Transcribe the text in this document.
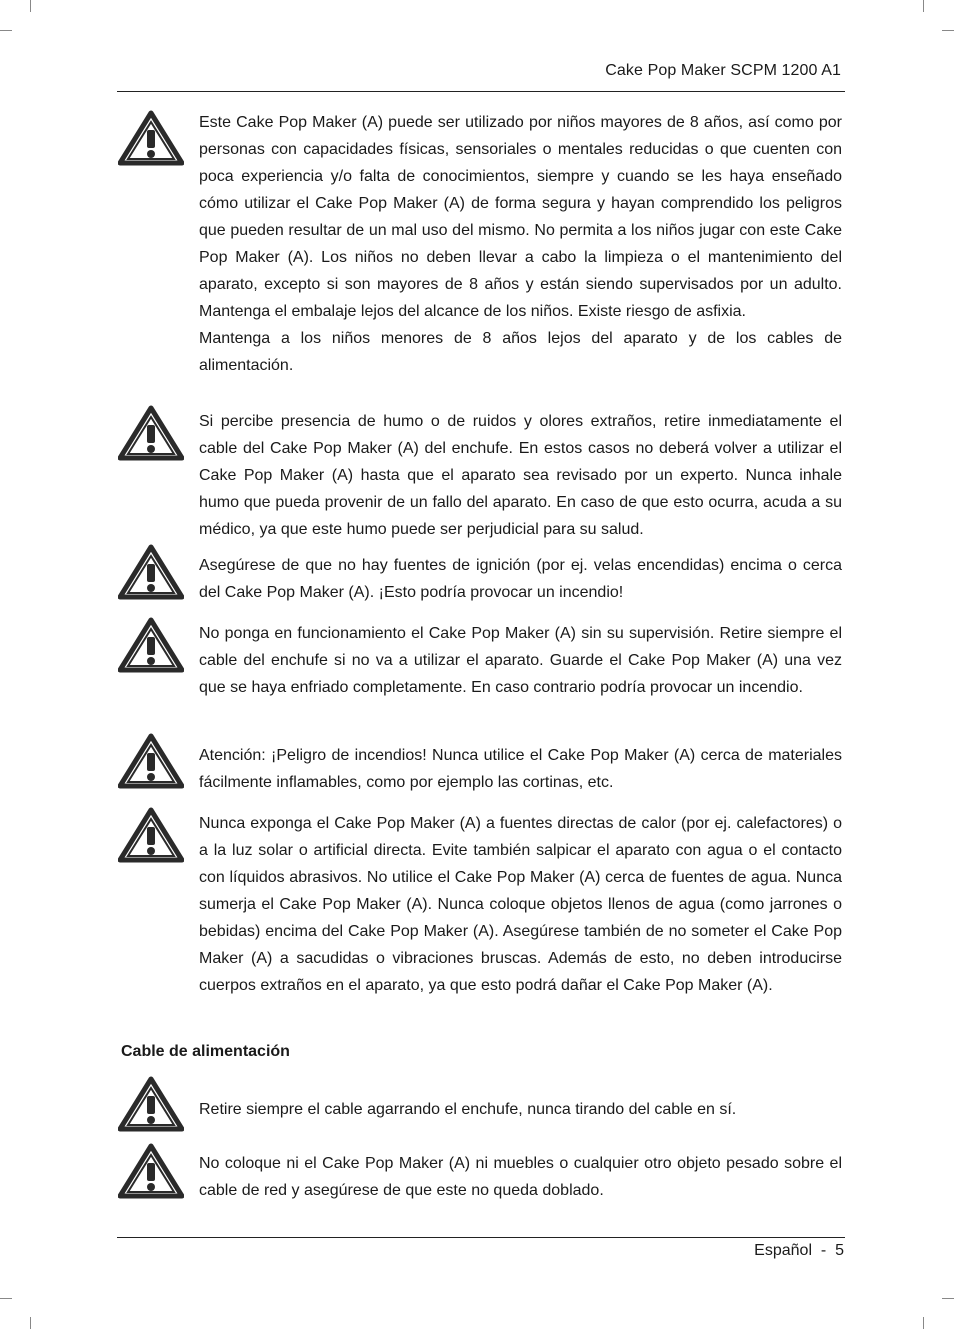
Cake Pop Maker SCPM 1200 A1

Este Cake Pop Maker (A) puede ser utilizado por niños mayores de 8 años, así como por personas con capacidades físicas, sensoriales o mentales reducidas o que cuenten con poca experiencia y/o falta de conocimientos, siempre y cuando se les haya enseñado cómo utilizar el Cake Pop Maker (A) de forma segura y hayan comprendido los peligros que pueden resultar de un mal uso del mismo. No permita a los niños jugar con este Cake Pop Maker (A). Los niños no deben llevar a cabo la limpieza o el mantenimiento del aparato, excepto si son mayores de 8 años y están siendo supervisados por un adulto. Mantenga el embalaje lejos del alcance de los niños. Existe riesgo de asfixia.

Mantenga a los niños menores de 8 años lejos del aparato y de los cables de alimentación.

Si percibe presencia de humo o de ruidos y olores extraños, retire inmediatamente el cable del Cake Pop Maker (A) del enchufe. En estos casos no deberá volver a utilizar el Cake Pop Maker (A) hasta que el aparato sea revisado por un experto. Nunca inhale humo que pueda provenir de un fallo del aparato. En caso de que esto ocurra, acuda a su médico, ya que este humo puede ser perjudicial para su salud.

Asegúrese de que no hay fuentes de ignición (por ej. velas encendidas) encima o cerca del Cake Pop Maker (A). ¡Esto podría provocar un incendio!

No ponga en funcionamiento el Cake Pop Maker (A) sin su supervisión. Retire siempre el cable del enchufe si no va a utilizar el aparato. Guarde el Cake Pop Maker (A) una vez que se haya enfriado completamente. En caso contrario podría provocar un incendio.

Atención: ¡Peligro de incendios! Nunca utilice el Cake Pop Maker (A) cerca de materiales fácilmente inflamables, como por ejemplo las cortinas, etc.

Nunca exponga el Cake Pop Maker (A) a fuentes directas de calor (por ej. calefactores) o a la luz solar o artificial directa. Evite también salpicar el aparato con agua o el contacto con líquidos abrasivos. No utilice el Cake Pop Maker (A) cerca de fuentes de agua. Nunca sumerja el Cake Pop Maker (A). Nunca coloque objetos llenos de agua (como jarrones o bebidas) encima del Cake Pop Maker (A). Asegúrese también de no someter el Cake Pop Maker (A) a sacudidas o vibraciones bruscas. Además de esto, no deben introducirse cuerpos extraños en el aparato, ya que esto podrá dañar el Cake Pop Maker (A).

Cable de alimentación

Retire siempre el cable agarrando el enchufe, nunca tirando del cable en sí.

No coloque ni el Cake Pop Maker (A) ni muebles o cualquier otro objeto pesado sobre el cable de red y asegúrese de que este no queda doblado.

Español  -  5
